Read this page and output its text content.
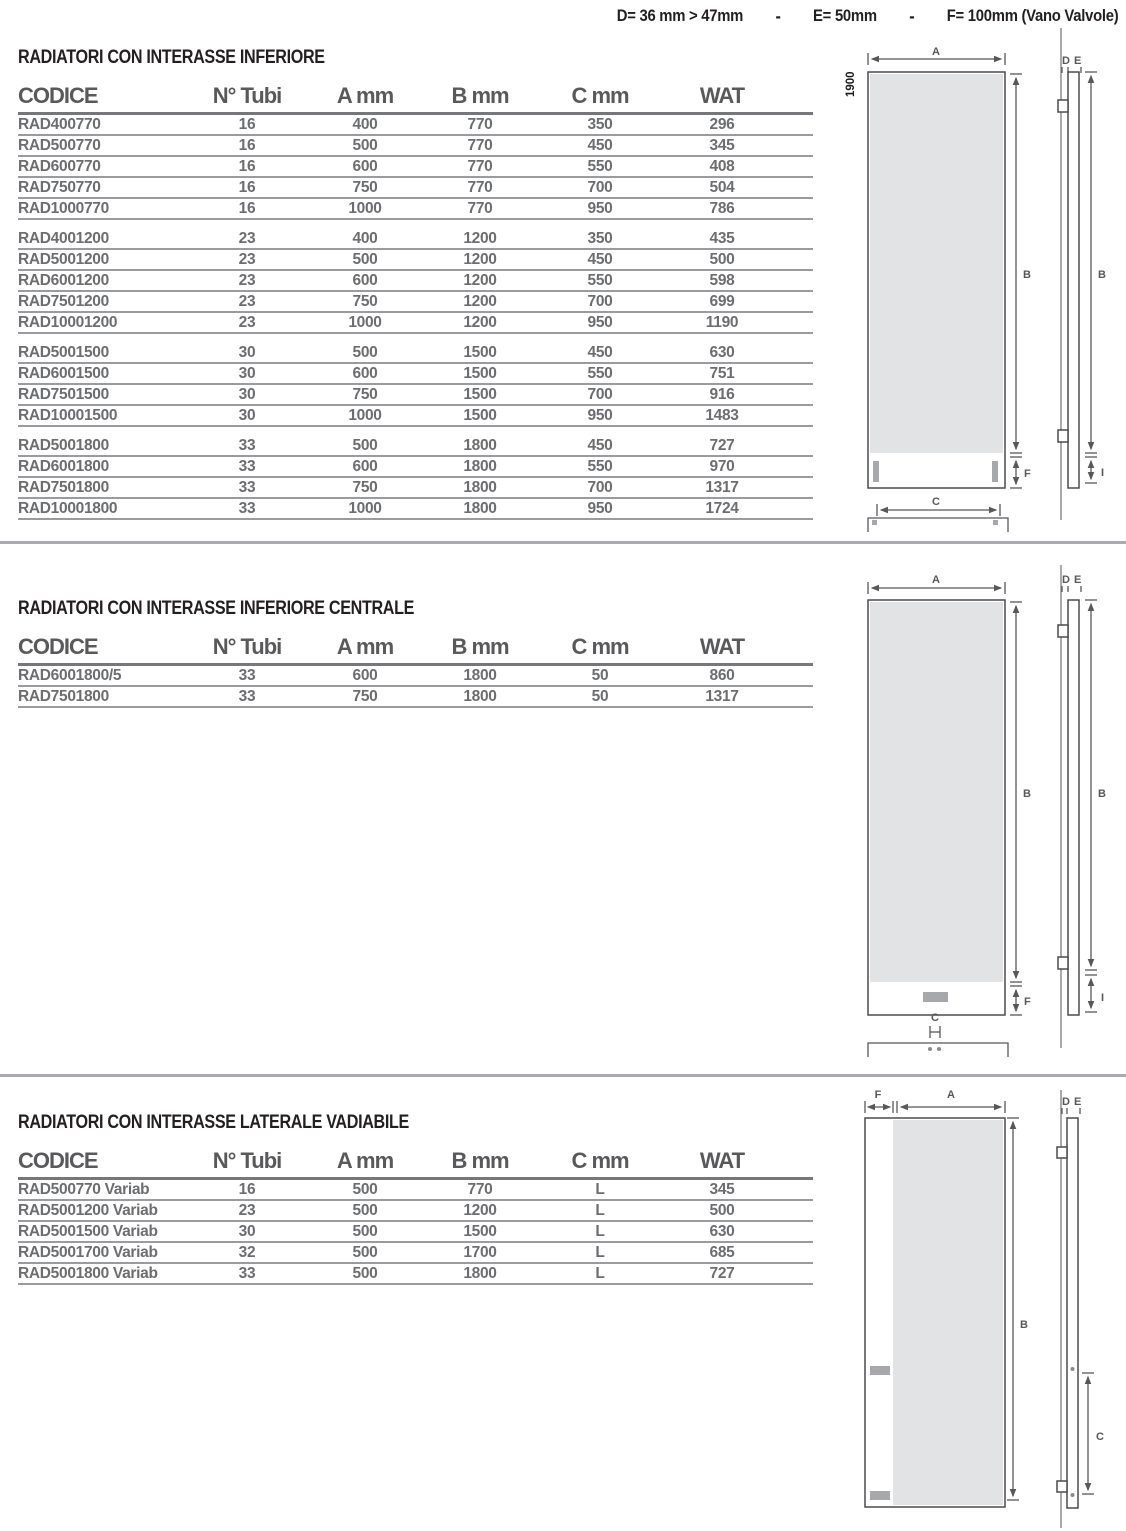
D= 36 mm > 47mm - E= 50mm - F= 100mm (Vano Valvole)
RADIATORI CON INTERASSE INFERIORE
CODICE	N° Tubi	A mm	B mm	C mm	WAT
RAD400770	16	400	770	350	296
RAD500770	16	500	770	450	345
RAD600770	16	600	770	550	408
RAD750770	16	750	770	700	504
RAD1000770	16	1000	770	950	786
RAD4001200	23	400	1200	350	435
RAD5001200	23	500	1200	450	500
RAD6001200	23	600	1200	550	598
RAD7501200	23	750	1200	700	699
RAD10001200	23	1000	1200	950	1190
RAD5001500	30	500	1500	450	630
RAD6001500	30	600	1500	550	751
RAD7501500	30	750	1500	700	916
RAD10001500	30	1000	1500	950	1483
RAD5001800	33	500	1800	450	727
RAD6001800	33	600	1800	550	970
RAD7501800	33	750	1800	700	1317
RAD10001800	33	1000	1800	950	1724
RADIATORI CON INTERASSE INFERIORE CENTRALE
CODICE	N° Tubi	A mm	B mm	C mm	WAT
RAD6001800/5	33	600	1800	50	860
RAD7501800	33	750	1800	50	1317
RADIATORI CON INTERASSE LATERALE VADIABILE
CODICE	N° Tubi	A mm	B mm	C mm	WAT
RAD500770 Variab	16	500	770	L	345
RAD5001200 Variab	23	500	1200	L	500
RAD5001500 Variab	30	500	1500	L	630
RAD5001700 Variab	32	500	1700	L	685
RAD5001800 Variab	33	500	1800	L	727
A
1900
B
F
C
D E
B
I
A
B
F
C
D E
B
I
F	A
B
D E
C
